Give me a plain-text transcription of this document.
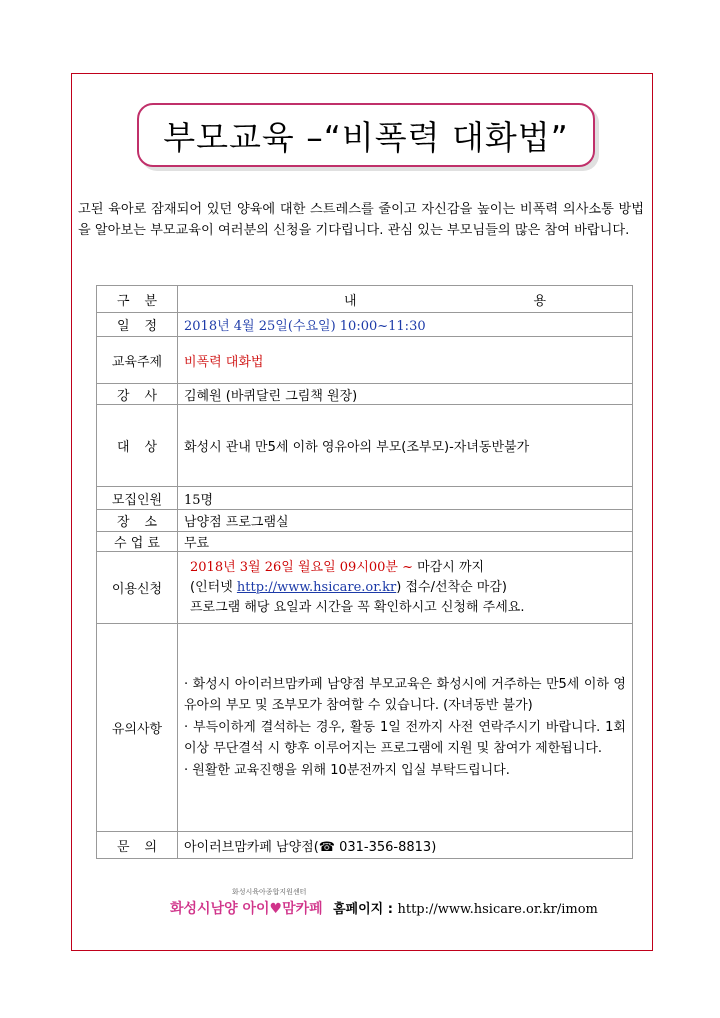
부모교육 –“비폭력 대화법”
고된 육아로 잠재되어 있던 양육에 대한 스트레스를 줄이고 자신감을 높이는 비폭력 의사소통 방법을 알아보는 부모교육이 여러분의 신청을 기다립니다. 관심 있는 부모님들의 많은 참여 바랍니다.
구 분	내 용

일 정	2018년 4월 25일(수요일) 10:00~11:30
교육주제	비폭력 대화법

강 사	김혜원 (바퀴달린 그림책 원장)

대 상	화성시 관내 만5세 이하 영유아의 부모(조부모)-자녀동반불가
모집인원	15명

장 소	남양점 프로그램실
수 업 료	무료
이용신청	2018년 3월 26일 월요일 09시00분 ~ 마감시 까지
(인터넷 http://www.hsicare.or.kr) 접수/선착순 마감)
프로그램 해당 요일과 시간을 꼭 확인하시고 신청해 주세요.

유의사항	· 화성시 아이러브맘카페 남양점 부모교육은 화성시에 거주하는 만5세 이하 영유아의 부모 및 조부모가 참여할 수 있습니다. (자녀동반 불가)
· 부득이하게 결석하는 경우, 활동 1일 전까지 사전 연락주시기 바랍니다. 1회 이상 무단결석 시 향후 이루어지는 프로그램에 지원 및 참여가 제한됩니다.
· 원활한 교육진행을 위해 10분전까지 입실 부탁드립니다.

문 의	아이러브맘카페 남양점(☎ 031-356-8813)
화성시육아종합지원센터
화성시남양 아이♥맘카페 홈페이지 : http://www.hsicare.or.kr/imom
